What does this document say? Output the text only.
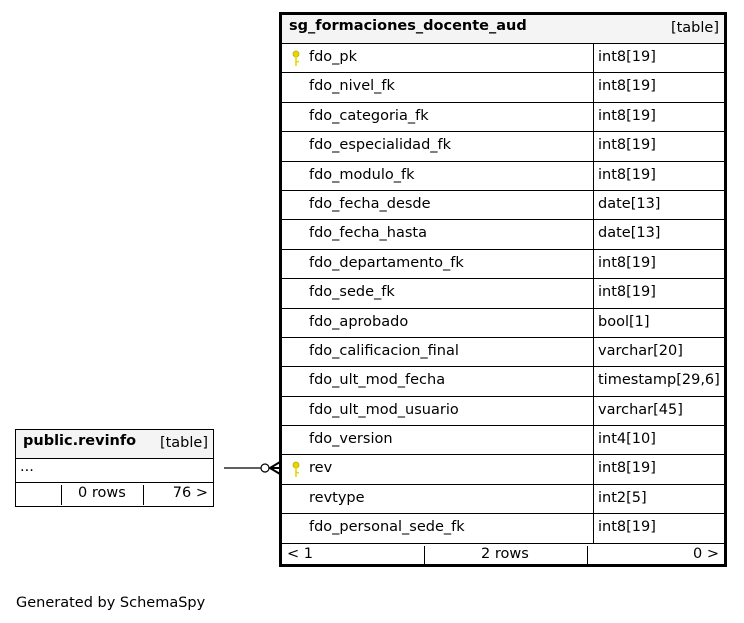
sg_formaciones_docente_aud	[table]
fdo_pk	int8[19]
fdo_nivel_fk	int8[19]
fdo_categoria_fk	int8[19]
fdo_especialidad_fk	int8[19]
fdo_modulo_fk	int8[19]
fdo_fecha_desde	date[13]
fdo_fecha_hasta	date[13]
fdo_departamento_fk	int8[19]
fdo_sede_fk	int8[19]
fdo_aprobado	bool[1]
fdo_calificacion_final	varchar[20]
fdo_ult_mod_fecha	timestamp[29,6]
fdo_ult_mod_usuario	varchar[45]
fdo_version	int4[10]
rev	int8[19]
revtype	int2[5]
fdo_personal_sede_fk	int8[19]
< 1	2 rows	0 >
public.revinfo [table]
...
0 rows	76 >
Generated by SchemaSpy
